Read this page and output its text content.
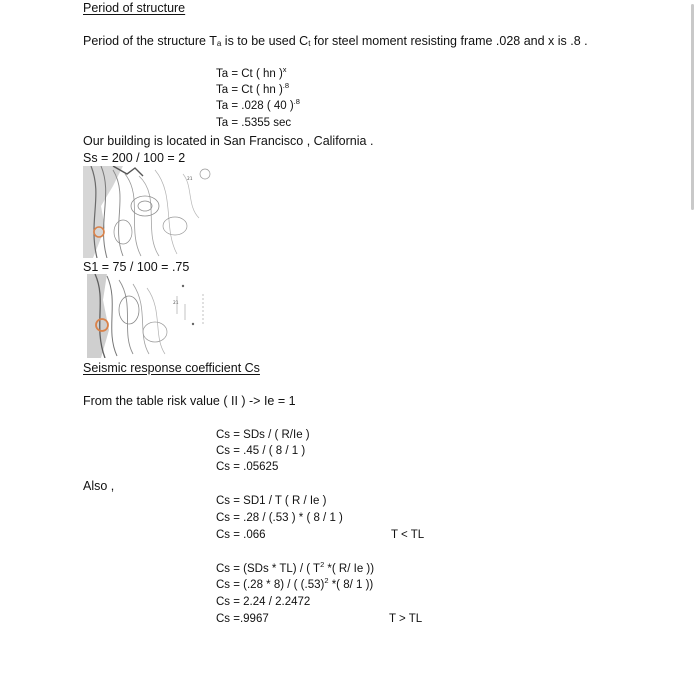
Period of structure
Period of the structure $T_a$ is to be used $C_t$ for steel moment resisting frame .028 and x is .8 .
Ta = Ct ( hn )$^x$
Ta = Ct ( hn )$^{.8}$
Ta = .028 ( 40 )$^{.8}$
Ta = .5355 sec
Our building is located in San Francisco , California .
Ss = 200 / 100 = 2
₂₁
S1 = 75 / 100 = .75
₂₁
Seismic response coefficient Cs
From the table risk value ( II ) -> Ie = 1
Cs = SDs / ( R/Ie )
Cs = .45 / ( 8 / 1 )
Cs = .05625
Also ,
Cs = SD1 / T ( R / Ie )
Cs = .28 / (.53 ) * ( 8 / 1 )
Cs = .066	T < TL
Cs = (SDs * TL) / ( $T^2$ *( R/ Ie ))
Cs = (.28 * 8) / ( $(.53)^2$ *( 8/ 1 ))
Cs = 2.24 / 2.2472
Cs =.9967	T > TL
